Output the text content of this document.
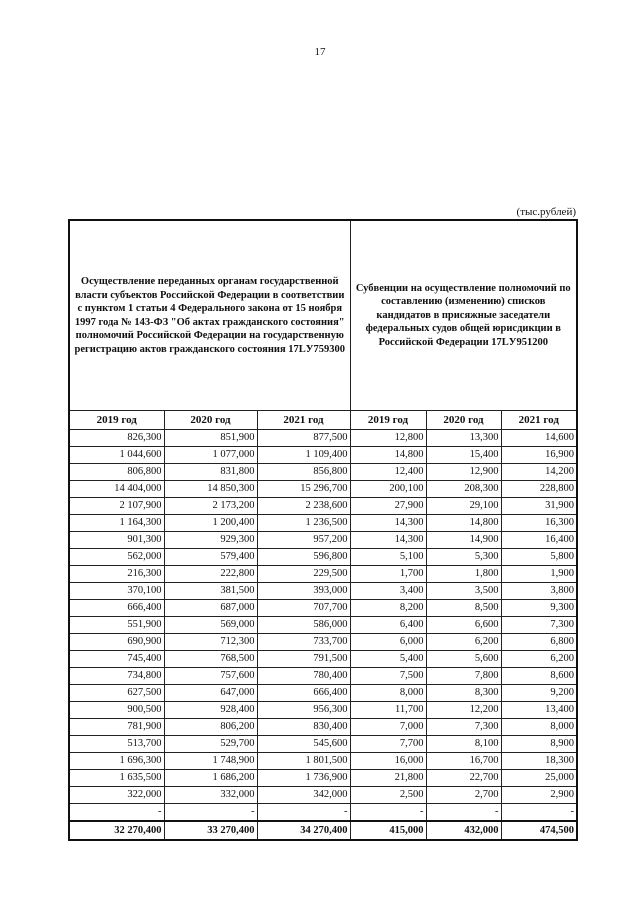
17
(тыс.рублей)
Осуществление переданных органам государственной власти субъектов Российской Федерации в соответствии с пунктом 1 статьи 4 Федерального закона от 15 ноября 1997 года № 143-ФЗ "Об актах гражданского состояния" полномочий Российской Федерации на государственную регистрацию актов гражданского состояния 17LУ759300			Субвенции на осуществление полномочий по составлению (изменению) списков кандидатов в присяжные заседатели федеральных судов общей юрисдикции в Российской Федерации 17LУ951200		
2019 год	2020 год	2021 год	2019 год	2020 год	2021 год
826,300	851,900	877,500	12,800	13,300	14,600
1 044,600	1 077,000	1 109,400	14,800	15,400	16,900
806,800	831,800	856,800	12,400	12,900	14,200
14 404,000	14 850,300	15 296,700	200,100	208,300	228,800
2 107,900	2 173,200	2 238,600	27,900	29,100	31,900
1 164,300	1 200,400	1 236,500	14,300	14,800	16,300
901,300	929,300	957,200	14,300	14,900	16,400
562,000	579,400	596,800	5,100	5,300	5,800
216,300	222,800	229,500	1,700	1,800	1,900
370,100	381,500	393,000	3,400	3,500	3,800
666,400	687,000	707,700	8,200	8,500	9,300
551,900	569,000	586,000	6,400	6,600	7,300
690,900	712,300	733,700	6,000	6,200	6,800
745,400	768,500	791,500	5,400	5,600	6,200
734,800	757,600	780,400	7,500	7,800	8,600
627,500	647,000	666,400	8,000	8,300	9,200
900,500	928,400	956,300	11,700	12,200	13,400
781,900	806,200	830,400	7,000	7,300	8,000
513,700	529,700	545,600	7,700	8,100	8,900
1 696,300	1 748,900	1 801,500	16,000	16,700	18,300
1 635,500	1 686,200	1 736,900	21,800	22,700	25,000
322,000	332,000	342,000	2,500	2,700	2,900
-	-	-	-	-	-
32 270,400	33 270,400	34 270,400	415,000	432,000	474,500
